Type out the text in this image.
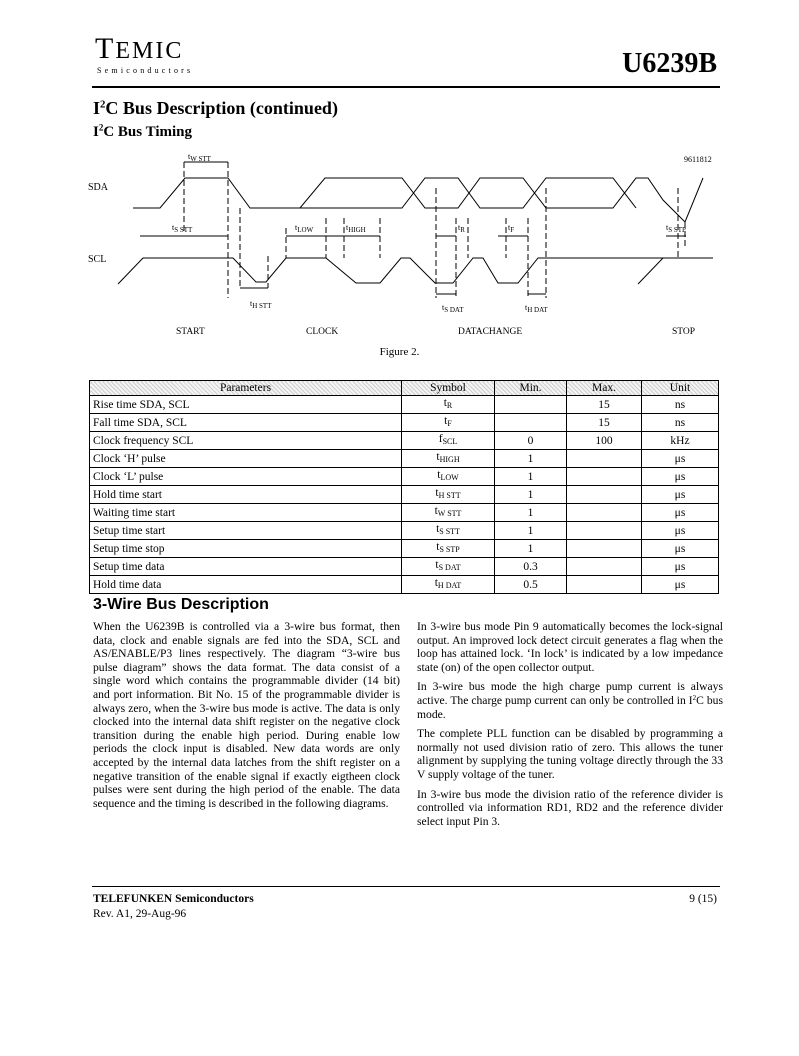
TEMIC
Semiconductors	U6239B
$I^2C$ Bus Description (continued)
$I^2C$ Bus Timing
SDA
SCL
9611812
tW STT
tS STT	tLOW	tHIGH	tR	tF	tS STP
tH STT	tS DAT	tH DAT
START	CLOCK	DATACHANGE	STOP
Figure 2.
Parameters	Symbol	Min.	Max.	Unit
Rise time SDA, SCL	tR		15	ns
Fall time SDA, SCL	tF		15	ns
Clock frequency SCL	fSCL	0	100	kHz
Clock ‘H’ pulse	tHIGH	1		μs
Clock ‘L’ pulse	tLOW	1		μs
Hold time start	tH STT	1		μs
Waiting time start	tW STT	1		μs
Setup time start	tS STT	1		μs
Setup time stop	tS STP	1		μs
Setup time data	tS DAT	0.3		μs
Hold time data	tH DAT	0.5		μs
3-Wire Bus Description

When the U6239B is controlled via a 3-wire bus format, then data, clock and enable signals are fed into the SDA, SCL and AS/ENABLE/P3 lines respectively. The diagram “3-wire bus pulse diagram” shows the data format. The data consist of a single word which contains the programmable divider (14 bit) and port information. Bit No. 15 of the programmable divider is always zero, when the 3-wire bus mode is active. The data is only clocked into the internal data shift register on the negative clock transition during the enable high period. During enable low periods the clock input is disabled. New data words are only accepted by the internal data latches from the shift register on a negative transition of the enable signal if exactly eigtheen clock pulses were sent during the high period of the enable. The data sequence and the timing is described in the following diagrams.

In 3-wire bus mode Pin 9 automatically becomes the lock-signal output. An improved lock detect circuit generates a flag when the loop has attained lock. ‘In lock’ is indicated by a low impedance state (on) of the open collector output.

In 3-wire bus mode the high charge pump current is always active. The charge pump current can only be controlled in $I^2C$ bus mode.

The complete PLL function can be disabled by programming a normally not used division ratio of zero. This allows the tuner alignment by supplying the tuning voltage directly through the 33 V supply voltage of the tuner.

In 3-wire bus mode the division ratio of the reference divider is controlled via information RD1, RD2 and the reference divider select input Pin 3.

TELEFUNKEN Semiconductors
Rev. A1, 29-Aug-96
9 (15)
